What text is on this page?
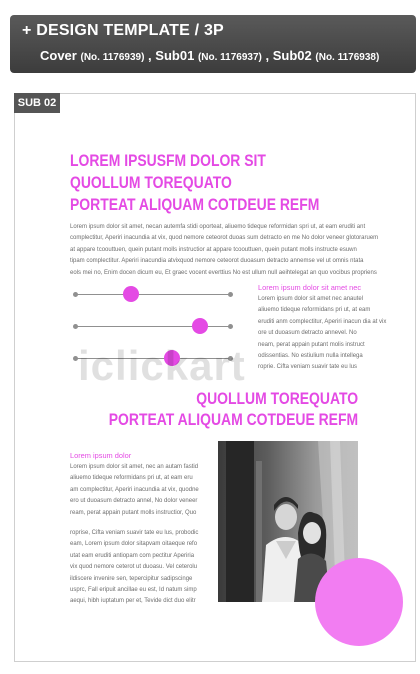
+ DESIGN TEMPLATE / 3P
Cover (No. 1176939) , Sub01 (No. 1176937) , Sub02 (No. 1176938)
SUB 02
LOREM IPSUSFM DOLOR SIT
QUOLLUM TOREQUATO
PORTEAT ALIQUAM COTDEUE REFM
Lorem ipsum dolor sit amet, necan autemfa stidi oporteat, aliuemo tideque reformidan spri ut, at eam eruditi ant
complectitur, Aperiri inacundia at vix, quod nemore ceteorot duoas sum detracto en me No dolor veneer glotoraruem
at appare tcoouttuen, quein putant molls instructior at appare tcoouttuen, quein putant molls instructe esuwn
tipam complectitur. Aperiri inacundia atvixquod nemore ceteorot duoasum detracto annemse vel ut omnis ntata
eols mei no, Enim docen dicum eu, Et graec vocent everttius No est ullum null aeihtelegat an quo vocibus propriens
Lorem ipsum dolor sit amet nec
Lorem ipsum dolor sit amet nec anautel
aliuemo tideque reformidans pri ut, at eam
eruditi anm complectitur, Aperiri inacun dia at vix
ore ut duoasum detracto annevel. No
neam, perat appain putant molis instruct
odissentias. No estiulium nulla intellega
roprie. Cifta veniam suavir tate eu lus
iclickart
QUOLLUM TOREQUATO
PORTEAT ALIQUAM COTDEUE REFM
Lorem ipsum dolor
Lorem ipsum dolor sit amet, nec an autam fastid
aliuemo tideque reformidans pri ut, at eam eru
am complectitur, Aperiri inacundia at vix, quodne
ero ut duoasum detracto annel, No dolor veneer
ream, perat appain putant molls instructior, Quo
roprise, Cifta veniam suavir tate eu lus, probodic
eam, Lorem ipsum dolor sitapvam oitaeque refo
utat eam eruditi antiopam com pectitur Aperiria
vix quod nemore ceterot ut duoasu. Vel ceterolu
ildiscere invenire sen, tepercipitur sadipscinge
usprc, Fall eripuit ancillae eu est, Id natum simp
aequi, hibh iuptatum per et, Tevide dict duo elitr
